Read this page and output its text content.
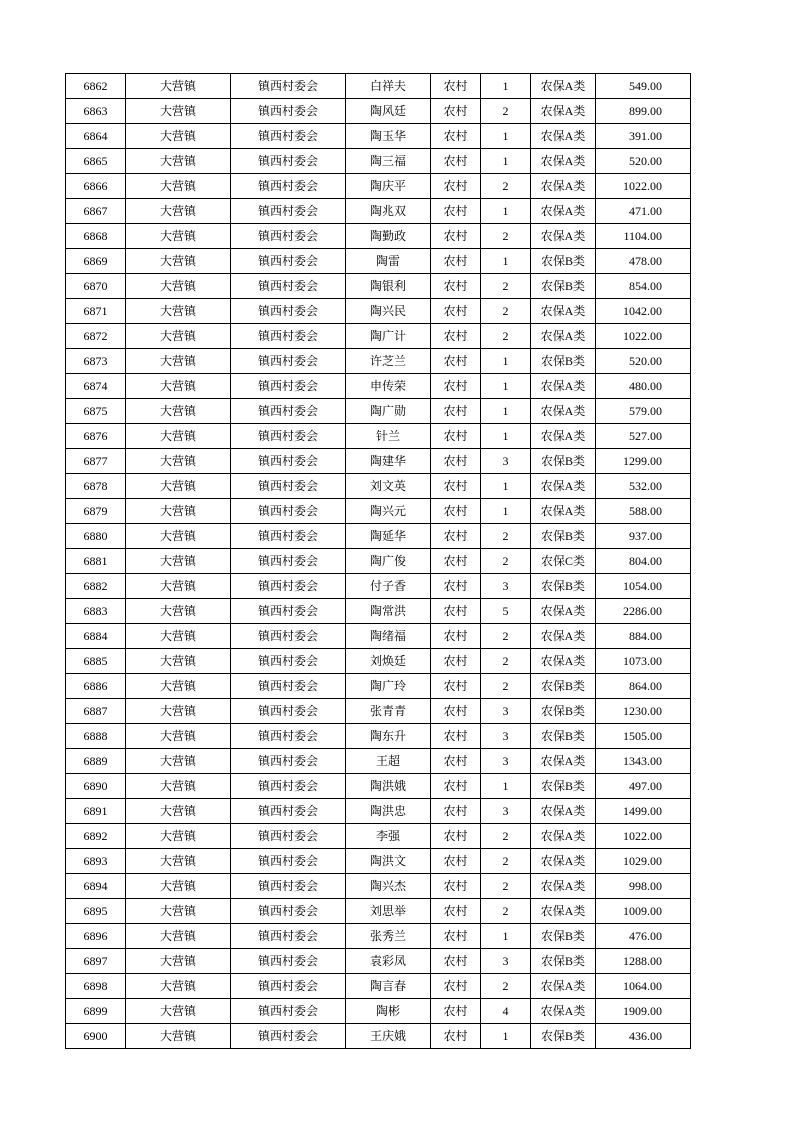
6862	大营镇	镇西村委会	白祥夫	农村	1	农保A类	549.00
6863	大营镇	镇西村委会	陶风廷	农村	2	农保A类	899.00
6864	大营镇	镇西村委会	陶玉华	农村	1	农保A类	391.00
6865	大营镇	镇西村委会	陶三福	农村	1	农保A类	520.00
6866	大营镇	镇西村委会	陶庆平	农村	2	农保A类	1022.00
6867	大营镇	镇西村委会	陶兆双	农村	1	农保A类	471.00
6868	大营镇	镇西村委会	陶勤政	农村	2	农保A类	1104.00
6869	大营镇	镇西村委会	陶雷	农村	1	农保B类	478.00
6870	大营镇	镇西村委会	陶银利	农村	2	农保B类	854.00
6871	大营镇	镇西村委会	陶兴民	农村	2	农保A类	1042.00
6872	大营镇	镇西村委会	陶广计	农村	2	农保A类	1022.00
6873	大营镇	镇西村委会	许芝兰	农村	1	农保B类	520.00
6874	大营镇	镇西村委会	申传荣	农村	1	农保A类	480.00
6875	大营镇	镇西村委会	陶广勋	农村	1	农保A类	579.00
6876	大营镇	镇西村委会	针兰	农村	1	农保A类	527.00
6877	大营镇	镇西村委会	陶建华	农村	3	农保B类	1299.00
6878	大营镇	镇西村委会	刘文英	农村	1	农保A类	532.00
6879	大营镇	镇西村委会	陶兴元	农村	1	农保A类	588.00
6880	大营镇	镇西村委会	陶延华	农村	2	农保B类	937.00
6881	大营镇	镇西村委会	陶广俊	农村	2	农保C类	804.00
6882	大营镇	镇西村委会	付子香	农村	3	农保B类	1054.00
6883	大营镇	镇西村委会	陶常洪	农村	5	农保A类	2286.00
6884	大营镇	镇西村委会	陶绪福	农村	2	农保A类	884.00
6885	大营镇	镇西村委会	刘焕廷	农村	2	农保A类	1073.00
6886	大营镇	镇西村委会	陶广玲	农村	2	农保B类	864.00
6887	大营镇	镇西村委会	张青青	农村	3	农保B类	1230.00
6888	大营镇	镇西村委会	陶东升	农村	3	农保B类	1505.00
6889	大营镇	镇西村委会	王超	农村	3	农保A类	1343.00
6890	大营镇	镇西村委会	陶洪娥	农村	1	农保B类	497.00
6891	大营镇	镇西村委会	陶洪忠	农村	3	农保A类	1499.00
6892	大营镇	镇西村委会	李强	农村	2	农保A类	1022.00
6893	大营镇	镇西村委会	陶洪文	农村	2	农保A类	1029.00
6894	大营镇	镇西村委会	陶兴杰	农村	2	农保A类	998.00
6895	大营镇	镇西村委会	刘思举	农村	2	农保A类	1009.00
6896	大营镇	镇西村委会	张秀兰	农村	1	农保B类	476.00
6897	大营镇	镇西村委会	袁彩凤	农村	3	农保B类	1288.00
6898	大营镇	镇西村委会	陶言春	农村	2	农保A类	1064.00
6899	大营镇	镇西村委会	陶彬	农村	4	农保A类	1909.00
6900	大营镇	镇西村委会	王庆娥	农村	1	农保B类	436.00
